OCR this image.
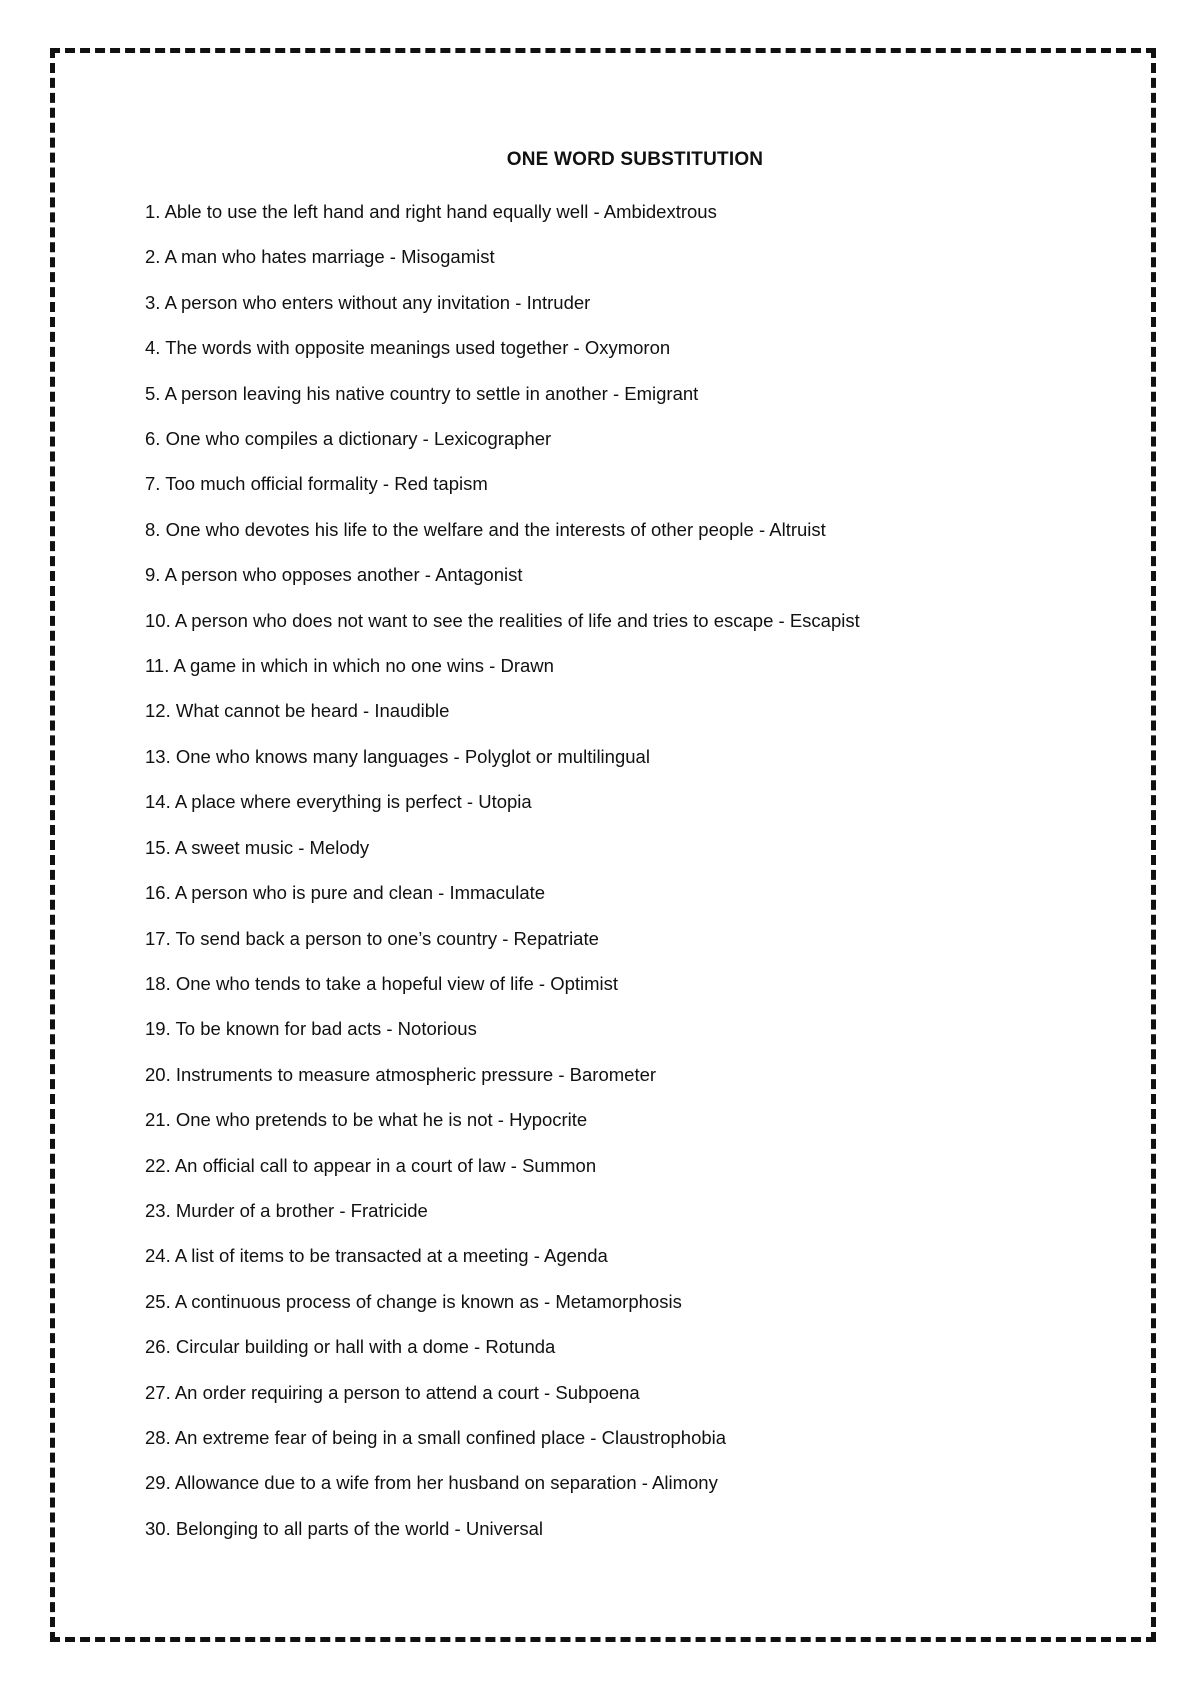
ONE WORD SUBSTITUTION
1 . Able to use the left hand and right hand equally well - Ambidextrous
2 . A man who hates marriage - Misogamist
3 . A person who enters without any invitation - Intruder
4 . The words with opposite meanings used together - Oxymoron
5 . A person leaving his native country to settle in another - Emigrant
6 . One who compiles a dictionary - Lexicographer
7 . Too much official formality - Red tapism
8 . One who devotes his life to the welfare and the interests of other people - Altruist
9 . A person who opposes another - Antagonist
10 . A person who does not want to see the realities of life and tries to escape - Escapist
11 . A game in which in which no one wins - Drawn
12 . What cannot be heard - Inaudible
13 . One who knows many languages - Polyglot or multilingual
14 . A place where everything is perfect - Utopia
15 . A sweet music - Melody
16 . A person who is pure and clean - Immaculate
17 . To send back a person to one’s country - Repatriate
18 . One who tends to take a hopeful view of life - Optimist
19 . To be known for bad acts - Notorious
20 . Instruments to measure atmospheric pressure - Barometer
21 . One who pretends to be what he is not - Hypocrite
22 . An official call to appear in a court of law - Summon
23 . Murder of a brother - Fratricide
24 . A list of items to be transacted at a meeting - Agenda
25 . A continuous process of change is known as - Metamorphosis
26 . Circular building or hall with a dome - Rotunda
27 . An order requiring a person to attend a court - Subpoena
28 . An extreme fear of being in a small confined place - Claustrophobia
29 . Allowance due to a wife from her husband on separation - Alimony
30 . Belonging to all parts of the world - Universal
